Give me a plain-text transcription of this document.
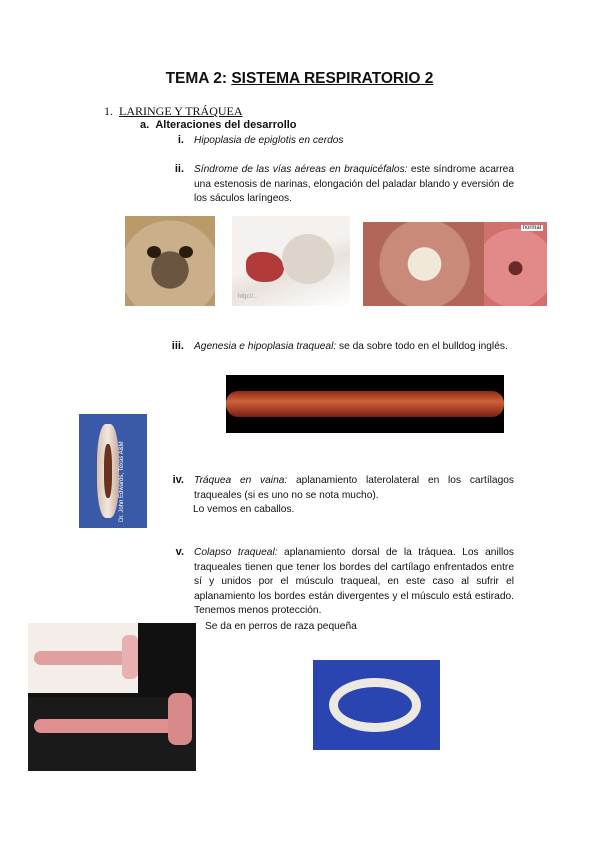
TEMA 2: SISTEMA RESPIRATORIO 2
1. LARINGE Y TRÁQUEA
a. Alteraciones del desarrollo
i. Hipoplasia de epiglotis en cerdos
ii. Síndrome de las vías aéreas en braquicéfalos: este síndrome acarrea una estenosis de narinas, elongación del paladar blando y eversión de los sáculos laríngeos.
http://...
normal
iii. Agenesia e hipoplasia traqueal: se da sobre todo en el bulldog inglés.
Dr. John Edwards, Texas A&M	iv. Tráquea en vaina: aplanamiento laterolateral en los cartílagos traqueales (si es uno no se nota mucho).
Lo vemos en caballos.
v. Colapso traqueal: aplanamiento dorsal de la tráquea. Los anillos traqueales tienen que tener los bordes del cartílago enfrentados entre sí y unidos por el músculo traqueal, en este caso al sufrir el aplanamiento los bordes están divergentes y el músculo está estirado. Tenemos menos protección.
Se da en perros de raza pequeña
